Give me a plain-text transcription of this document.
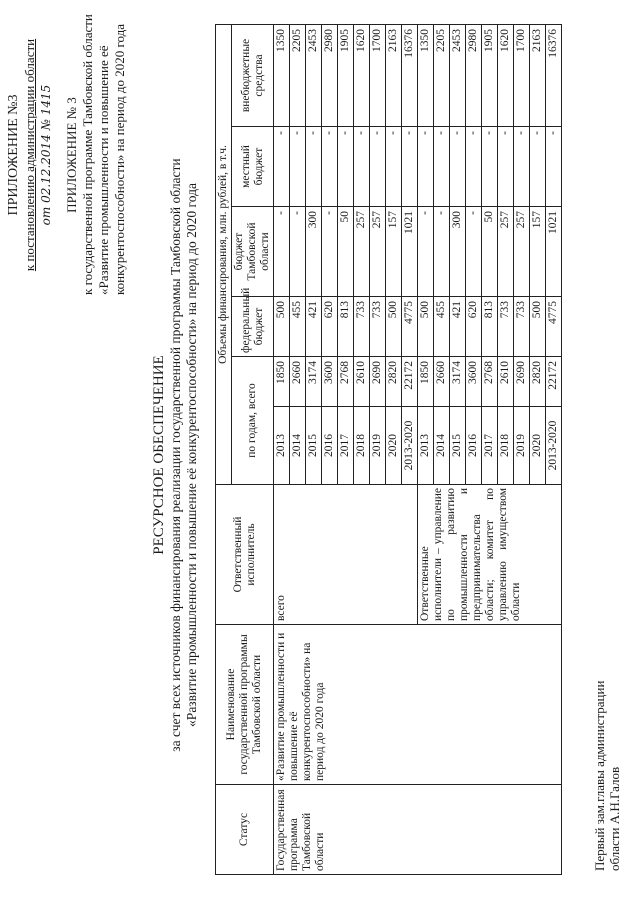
ПРИЛОЖЕНИЕ №3 к постановлению администрации области от 02.12.2014 № 1415 ПРИЛОЖЕНИЕ № 3 к государственной программе Тамбовской области «Развитие промышленности и повышение её конкурентоспособности» на период до 2020 года
РЕСУРСНОЕ ОБЕСПЕЧЕНИЕ за счет всех источников финансирования реализации государственной программы Тамбовской области «Развитие промышленности и повышение её конкурентоспособности» на период до 2020 года
Статус	Наименование государственной программы Тамбовской области	Ответственный исполнитель	Объемы финансирования, млн. рублей, в т.ч.					
			по годам, всего		федеральный бюджет	бюджет Тамбовской области	местный бюджет	внебюджетные средства
Государственная программа Тамбовской области	«Развитие промышленности и повышение её конкурентоспособности» на период до 2020 года	всего	2013	1850	500	-	-	1350
			2014	2660	455	-	-	2205
			2015	3174	421	300	-	2453
			2016	3600	620	-	-	2980
			2017	2768	813	50	-	1905
			2018	2610	733	257	-	1620
			2019	2690	733	257	-	1700
			2020	2820	500	157	-	2163
			2013-2020	22172	4775	1021	-	16376
		Ответственные исполнители – управление по развитию промышленности и предпринимательства области; комитет по управлению имуществом области	2013	1850	500	-	-	1350
			2014	2660	455	-	-	2205
			2015	3174	421	300	-	2453
			2016	3600	620	-	-	2980
			2017	2768	813	50	-	1905
			2018	2610	733	257	-	1620
			2019	2690	733	257	-	1700
			2020	2820	500	157	-	2163
			2013-2020	22172	4775	1021	-	16376
Первый зам.главы администрации области А.Н.Галов
